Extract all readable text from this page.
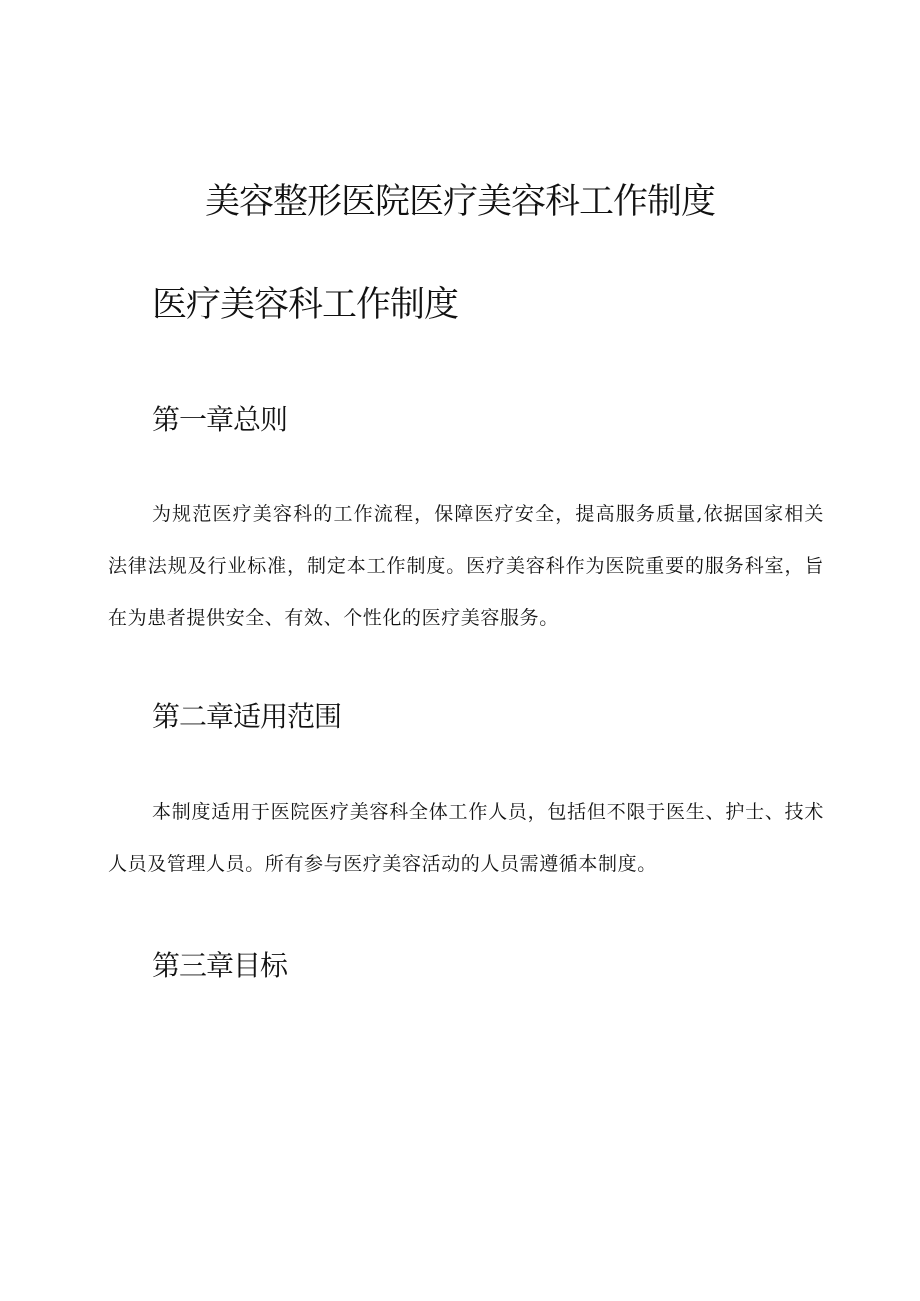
美容整形医院医疗美容科工作制度
医疗美容科工作制度
第一章总则

为规范医疗美容科的工作流程，保障医疗安全，提高服务质量,依据国家相关法律法规及行业标准，制定本工作制度。医疗美容科作为医院重要的服务科室，旨在为患者提供安全、有效、个性化的医疗美容服务。

第二章适用范围

本制度适用于医院医疗美容科全体工作人员，包括但不限于医生、护士、技术人员及管理人员。所有参与医疗美容活动的人员需遵循本制度。

第三章目标
